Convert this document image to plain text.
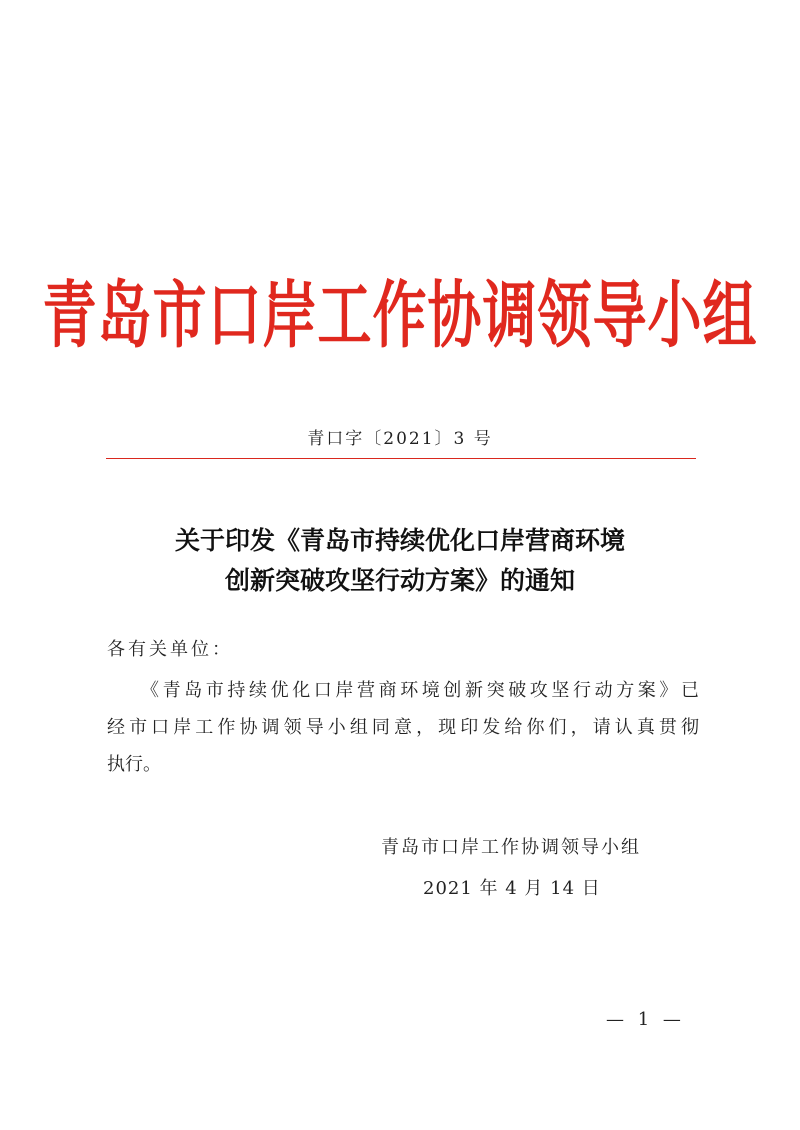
青岛市口岸工作协调领导小组
青口字〔2021〕3 号
关于印发《青岛市持续优化口岸营商环境
创新突破攻坚行动方案》的通知
各有关单位：
《青岛市持续优化口岸营商环境创新突破攻坚行动方案》已
经市口岸工作协调领导小组同意，现印发给你们，请认真贯彻
执行。
青岛市口岸工作协调领导小组
2021 年 4 月 14 日
— 1 —
